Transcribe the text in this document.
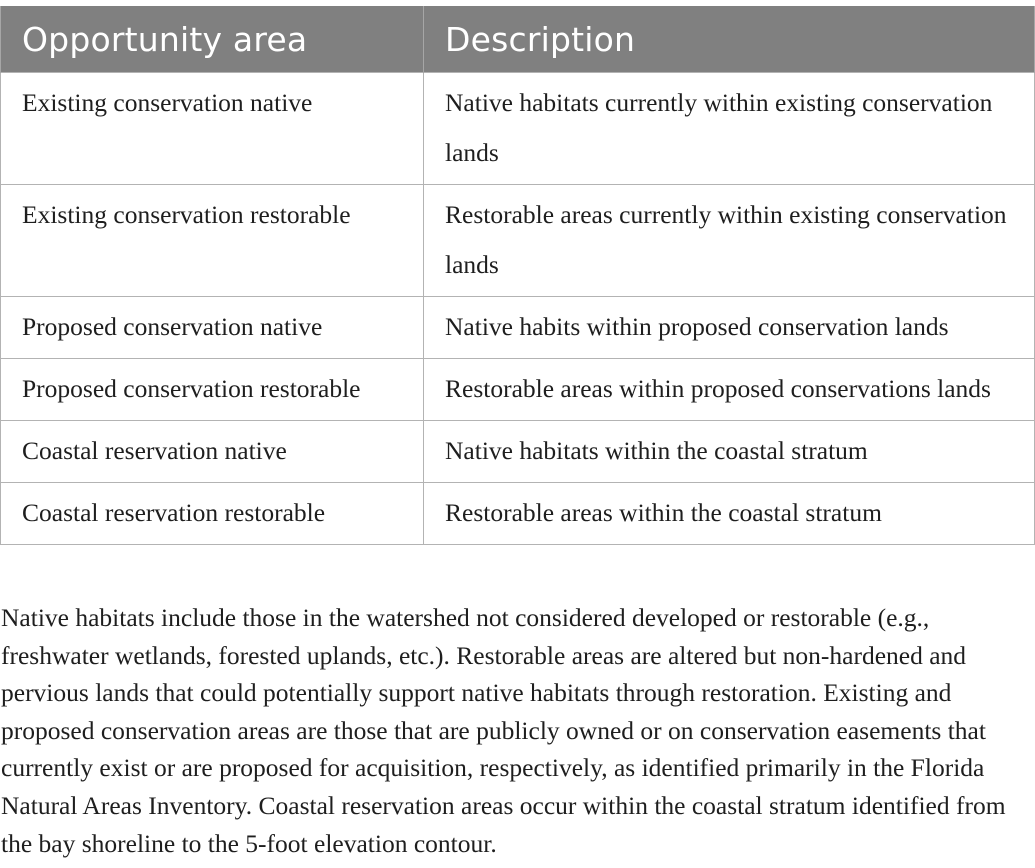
Opportunity area	Description
Existing conservation native	Native habitats currently within existing conservation lands
Existing conservation restorable	Restorable areas currently within existing conservation lands
Proposed conservation native	Native habits within proposed conservation lands
Proposed conservation restorable	Restorable areas within proposed conservations lands
Coastal reservation native	Native habitats within the coastal stratum
Coastal reservation restorable	Restorable areas within the coastal stratum

Native habitats include those in the watershed not considered developed or restorable (e.g., freshwater wetlands, forested uplands, etc.). Restorable areas are altered but non-hardened and pervious lands that could potentially support native habitats through restoration. Existing and proposed conservation areas are those that are publicly owned or on conservation easements that currently exist or are proposed for acquisition, respectively, as identified primarily in the Florida Natural Areas Inventory. Coastal reservation areas occur within the coastal stratum identified from the bay shoreline to the 5-foot elevation contour.
